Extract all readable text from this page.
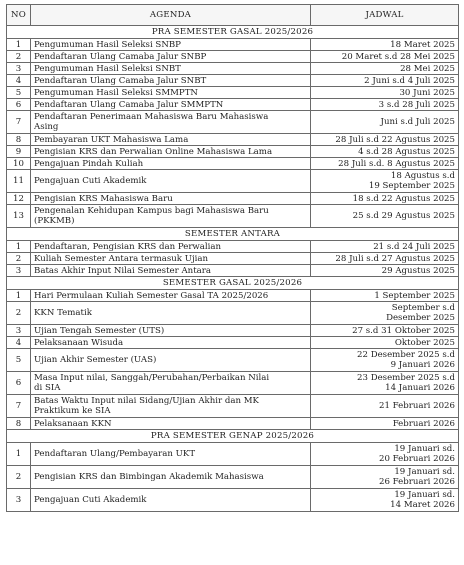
NO	AGENDA	JADWAL
PRA SEMESTER GASAL 2025/2026		
1	Pengumuman Hasil Seleksi SNBP	18 Maret 2025
2	Pendaftaran Ulang Camaba Jalur SNBP	20 Maret s.d 28 Mei 2025
3	Pengumuman Hasil Seleksi SNBT	28 Mei 2025
4	Pendaftaran Ulang Camaba Jalur SNBT	2 Juni s.d 4 Juli 2025
5	Pengumuman Hasil Seleksi SMMPTN	30 Juni 2025
6	Pendaftaran Ulang Camaba Jalur SMMPTN	3 s.d 28 Juli 2025
7	Pendaftaran Penerimaan Mahasiswa Baru Mahasiswa
Asing	Juni s.d Juli 2025
8	Pembayaran UKT Mahasiswa Lama	28 Juli s.d 22 Agustus 2025
9	Pengisian KRS dan Perwalian Online Mahasiswa Lama	4 s.d 28 Agustus 2025
10	Pengajuan Pindah Kuliah	28 Juli s.d. 8 Agustus 2025
11	Pengajuan Cuti Akademik	18 Agustus s.d
19 September 2025
12	Pengisian KRS Mahasiswa Baru	18 s.d 22 Agustus 2025
13	Pengenalan Kehidupan Kampus bagi Mahasiswa Baru
(PKKMB)	25 s.d 29 Agustus 2025
SEMESTER ANTARA		
1	Pendaftaran, Pengisian KRS dan Perwalian	21 s.d 24 Juli 2025
2	Kuliah Semester Antara termasuk Ujian	28 Juli s.d 27 Agustus 2025
3	Batas Akhir Input Nilai Semester Antara	29 Agustus 2025
SEMESTER GASAL 2025/2026		
1	Hari Permulaan Kuliah Semester Gasal TA 2025/2026	1 September 2025
2	KKN Tematik	September s.d
Desember 2025
3	Ujian Tengah Semester (UTS)	27 s.d 31 Oktober 2025
4	Pelaksanaan Wisuda	Oktober 2025
5	Ujian Akhir Semester (UAS)	22 Desember 2025 s.d
9 Januari 2026
6	Masa Input nilai, Sanggah/Perubahan/Perbaikan Nilai
di SIA	23 Desember 2025 s.d
14 Januari 2026
7	Batas Waktu Input nilai Sidang/Ujian Akhir dan MK
Praktikum ke SIA	21 Februari 2026
8	Pelaksanaan KKN	Februari 2026
PRA SEMESTER GENAP 2025/2026		
1	Pendaftaran Ulang/Pembayaran UKT	19 Januari sd.
20 Februari 2026
2	Pengisian KRS dan Bimbingan Akademik Mahasiswa	19 Januari sd.
26 Februari 2026
3	Pengajuan Cuti Akademik	19 Januari sd.
14 Maret 2026
